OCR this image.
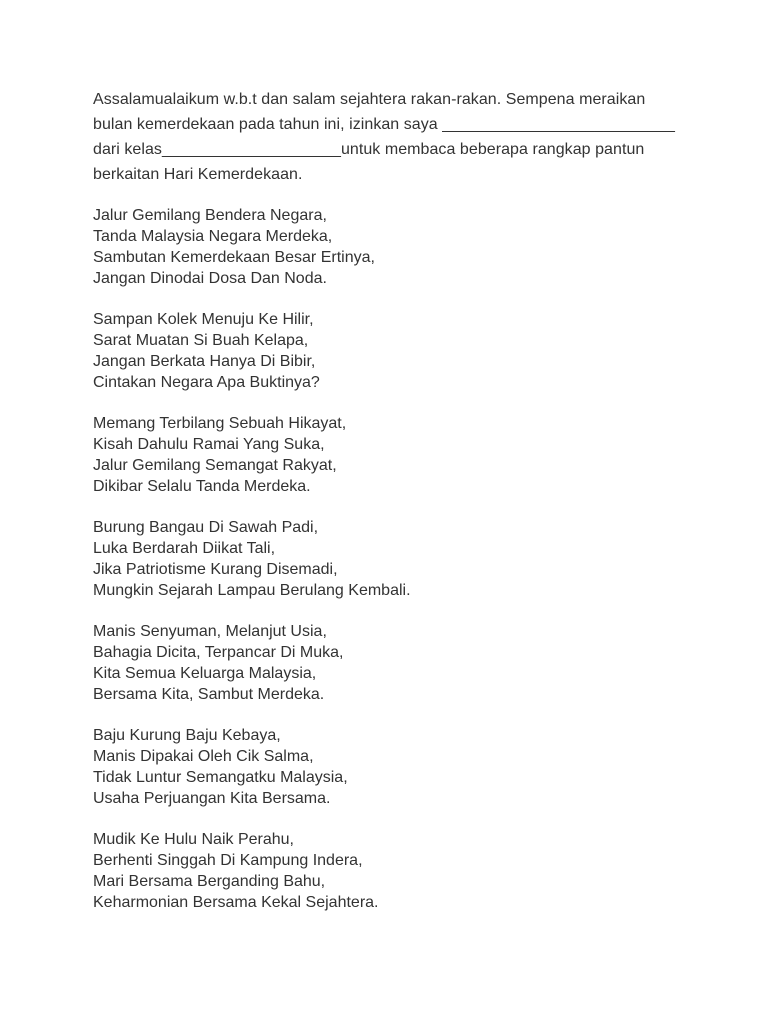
Assalamualaikum w.b.t dan salam sejahtera rakan-rakan. Sempena meraikan
bulan kemerdekaan pada tahun ini, izinkan saya __________________________
dari kelas____________________untuk membaca beberapa rangkap pantun
berkaitan Hari Kemerdekaan.
Jalur Gemilang Bendera Negara,
Tanda Malaysia Negara Merdeka,
Sambutan Kemerdekaan Besar Ertinya,
Jangan Dinodai Dosa Dan Noda.
Sampan Kolek Menuju Ke Hilir,
Sarat Muatan Si Buah Kelapa,
Jangan Berkata Hanya Di Bibir,
Cintakan Negara Apa Buktinya?
Memang Terbilang Sebuah Hikayat,
Kisah Dahulu Ramai Yang Suka,
Jalur Gemilang Semangat Rakyat,
Dikibar Selalu Tanda Merdeka.
Burung Bangau Di Sawah Padi,
Luka Berdarah Diikat Tali,
Jika Patriotisme Kurang Disemadi,
Mungkin Sejarah Lampau Berulang Kembali.
Manis Senyuman, Melanjut Usia,
Bahagia Dicita, Terpancar Di Muka,
Kita Semua Keluarga Malaysia,
Bersama Kita, Sambut Merdeka.
Baju Kurung Baju Kebaya,
Manis Dipakai Oleh Cik Salma,
Tidak Luntur Semangatku Malaysia,
Usaha Perjuangan Kita Bersama.
Mudik Ke Hulu Naik Perahu,
Berhenti Singgah Di Kampung Indera,
Mari Bersama Berganding Bahu,
Keharmonian Bersama Kekal Sejahtera.
